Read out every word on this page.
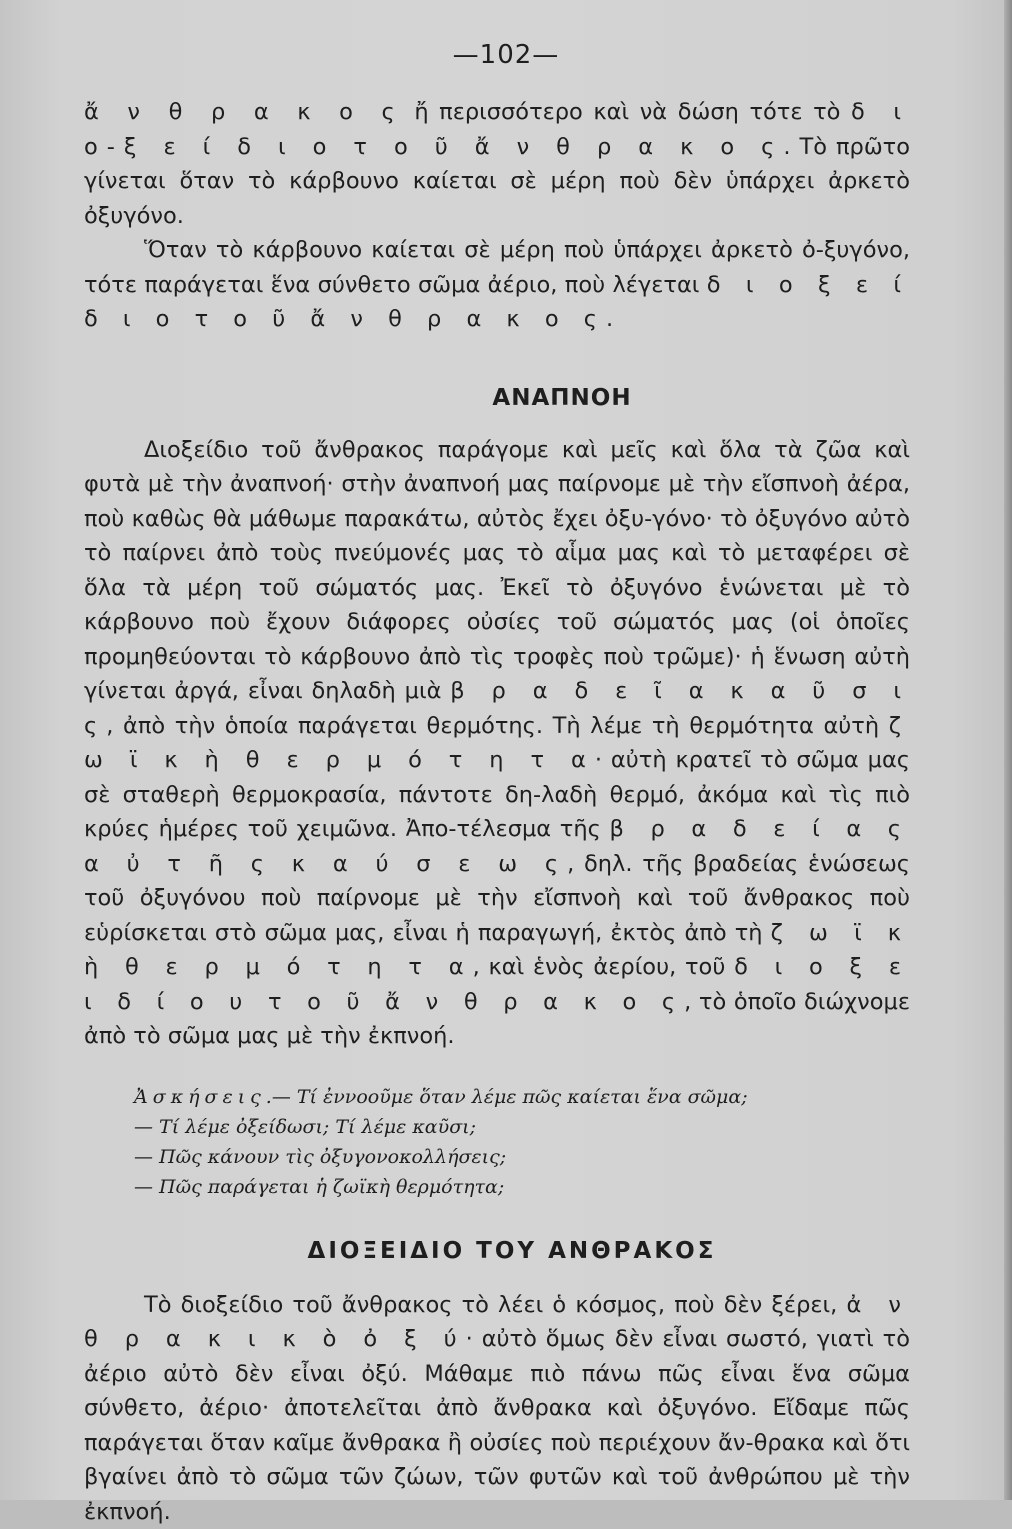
—102—

ἄ ν θ ρ α κ ο ς ἤ περισσότερο καὶ νὰ δώση τότε τὸ δ ι ο-ξ ε ί δ ι ο τ ο ῦ ἄ ν θ ρ α κ ο ς. Τὸ πρῶτο γίνεται ὅταν τὸ κάρβουνο καίεται σὲ μέρη ποὺ δὲν ὑπάρχει ἀρκετὸ ὀξυγόνο.

Ὅταν τὸ κάρβουνο καίεται σὲ μέρη ποὺ ὑπάρχει ἀρκετὸ ὀ-ξυγόνο, τότε παράγεται ἕνα σύνθετο σῶμα ἀέριο, ποὺ λέγεται δ ι ο ξ ε ί δ ι ο τ ο ῦ ἄ ν θ ρ α κ ο ς.

ΑΝΑΠΝΟΗ

Διοξείδιο τοῦ ἄνθρακος παράγομε καὶ μεῖς καὶ ὅλα τὰ ζῶα καὶ φυτὰ μὲ τὴν ἀναπνοή· στὴν ἀναπνοή μας παίρνομε μὲ τὴν εἴσπνοὴ ἀέρα, ποὺ καθὼς θὰ μάθωμε παρακάτω, αὐτὸς ἔχει ὀξυ-γόνο· τὸ ὀξυγόνο αὐτὸ τὸ παίρνει ἀπὸ τοὺς πνεύμονές μας τὸ αἷμα μας καὶ τὸ μεταφέρει σὲ ὅλα τὰ μέρη τοῦ σώματός μας. Ἐκεῖ τὸ ὀξυγόνο ἑνώνεται μὲ τὸ κάρβουνο ποὺ ἔχουν διάφορες οὐσίες τοῦ σώματός μας (οἱ ὁποῖες προμηθεύονται τὸ κάρβουνο ἀπὸ τὶς τροφὲς ποὺ τρῶμε)· ἡ ἕνωση αὐτὴ γίνεται ἀργά, εἶναι δηλαδὴ μιὰ β ρ α δ ε ῖ α κ α ῦ σ ι ς, ἀπὸ τὴν ὁποία παράγεται θερμότης. Τὴ λέμε τὴ θερμότητα αὐτὴ ζ ω ϊ κ ὴ θ ε ρ μ ό τ η τ α· αὐτὴ κρατεῖ τὸ σῶμα μας σὲ σταθερὴ θερμοκρασία, πάντοτε δη-λαδὴ θερμό, ἀκόμα καὶ τὶς πιὸ κρύες ἡμέρες τοῦ χειμῶνα. Ἀπο-τέλεσμα τῆς β ρ α δ ε ί α ς α ὐ τ ῆ ς κ α ύ σ ε ω ς, δηλ. τῆς βραδείας ἑνώσεως τοῦ ὀξυγόνου ποὺ παίρνομε μὲ τὴν εἴσπνοὴ καὶ τοῦ ἄνθρακος ποὺ εὑρίσκεται στὸ σῶμα μας, εἶναι ἡ παραγωγή, ἐκτὸς ἀπὸ τὴ ζ ω ϊ κ ὴ θ ε ρ μ ό τ η τ α, καὶ ἑνὸς ἀερίου, τοῦ δ ι ο ξ ε ι δ ί ο υ τ ο ῦ ἄ ν θ ρ α κ ο ς, τὸ ὁποῖο διώχνομε ἀπὸ τὸ σῶμα μας μὲ τὴν ἐκπνοή.

Ἀσκήσεις.— Τί ἐννοοῦμε ὅταν λέμε πῶς καίεται ἕνα σῶμα;

— Τί λέμε ὀξείδωσι; Τί λέμε καῦσι;

— Πῶς κάνουν τὶς ὀξυγονοκολλήσεις;

— Πῶς παράγεται ἡ ζωϊκὴ θερμότητα;

ΔΙΟΞΕΙΔΙΟ ΤΟΥ ΑΝΘΡΑΚΟΣ

Τὸ διοξείδιο τοῦ ἄνθρακος τὸ λέει ὁ κόσμος, ποὺ δὲν ξέρει, ἀ ν θ ρ α κ ι κ ὸ ὀ ξ ύ· αὐτὸ ὅμως δὲν εἶναι σωστό, γιατὶ τὸ ἀέριο αὐτὸ δὲν εἶναι ὀξύ. Μάθαμε πιὸ πάνω πῶς εἶναι ἕνα σῶμα σύνθετο, ἀέριο· ἀποτελεῖται ἀπὸ ἄνθρακα καὶ ὀξυγόνο. Εἴδαμε πῶς παράγεται ὅταν καῖμε ἄνθρακα ἢ οὐσίες ποὺ περιέχουν ἄν-θρακα καὶ ὅτι βγαίνει ἀπὸ τὸ σῶμα τῶν ζώων, τῶν φυτῶν καὶ τοῦ ἀνθρώπου μὲ τὴν ἐκπνοή.
